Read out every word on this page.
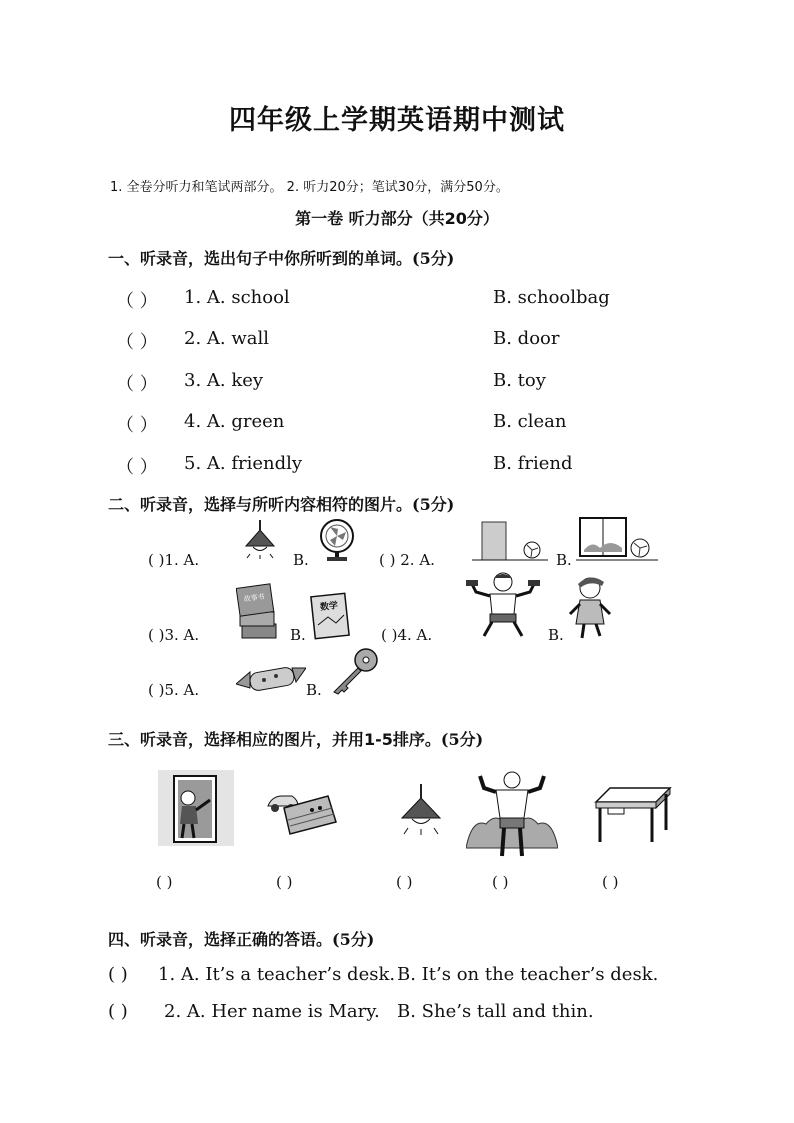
四年级上学期英语期中测试
1. 全卷分听力和笔试两部分。 2. 听力20分；笔试30分，满分50分。
第一卷 听力部分（共20分）
一、听录音，选出句子中你所听到的单词。(5分)
（ ） 1. A. school	B. schoolbag
（ ） 2. A. wall	B. door
（ ） 3. A. key	B. toy
（ ） 4. A. green	B. clean
（ ） 5. A. friendly	B. friend
二、听录音，选择与所听内容相符的图片。(5分)
( )1. A.	B.	( ) 2. A.	B.
( )3. A.
故事书
B.
数学
( )4. A.	B.
( )5. A.	B.
三、听录音，选择相应的图片，并用1-5排序。(5分)
( )	( )	( )	( )	( )
四、听录音，选择正确的答语。(5分)
( ) 1. A. It’s a teacher’s desk. B. It’s on the teacher’s desk.
( ) 2. A. Her name is Mary. B. She’s tall and thin.
